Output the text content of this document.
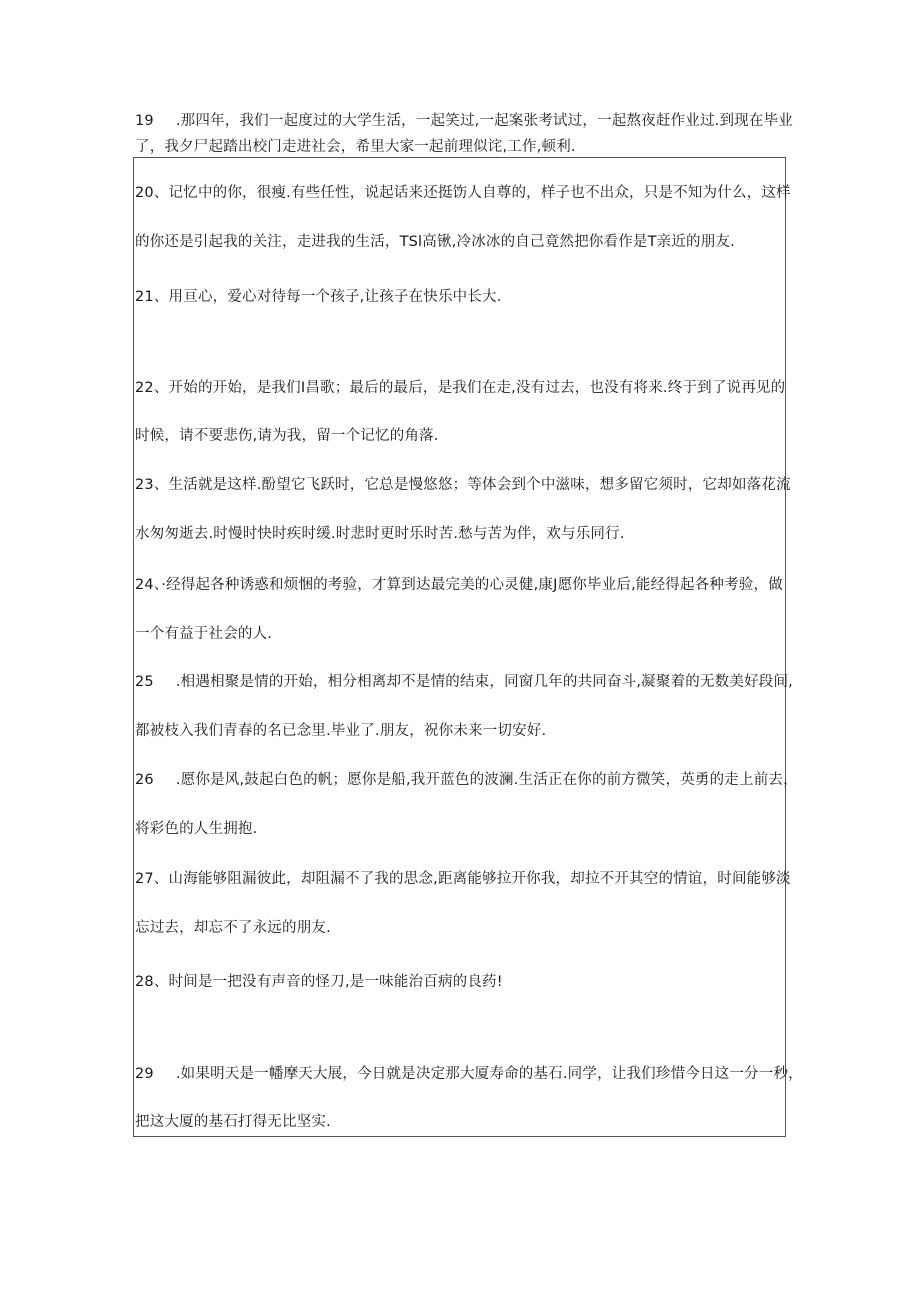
19 .那四年，我们一起度过的大学生活，一起笑过,一起案张考试过，一起熬夜赶作业过.到现在毕业
了，我夕尸起踏出校门走进社会，希里大家一起前理似诧,工作,顿利.
20、记忆中的你，很瘦.有些任性，说起话来还挺饬人自尊的，样子也不出众，只是不知为什么，这样
的你还是引起我的关注，走进我的生活，TSl高锹,冷冰冰的自己竟然把你看作是T亲近的朋友.
21、用亘心，爱心对待每一个孩子,让孩子在快乐中长大.
22、开始的开始，是我们I昌歌；最后的最后，是我们在走,没有过去，也没有将来.终于到了说再见的
时候，请不要悲伤,请为我，留一个记忆的角落.
23、生活就是这样.酚望它飞跃时，它总是慢悠悠；等体会到个中滋味，想多留它须时，它却如落花流
水匆匆逝去.时慢时快时疾时缓.时悲时更时乐时苦.愁与苦为伴，欢与乐同行.
24、·经得起各种诱惑和烦悃的考验，才算到达最完美的心灵健,康J愿你毕业后,能经得起各种考验，做
一个有益于社会的人.
25 .相遇相聚是情的开始，相分相离却不是情的结束，同窗几年的共同奋斗,凝聚着的无数美好段间,
都被枝入我们青春的名已念里.毕业了.朋友，祝你未来一切安好.
26 .愿你是风,鼓起白色的帆；愿你是船,我开蓝色的波澜.生活正在你的前方微笑，英勇的走上前去，
将彩色的人生拥抱.
27、山海能够阻漏彼此，却阻漏不了我的思念,距离能够拉开你我，却拉不开其空的情谊，时间能够淡
忘过去，却忘不了永远的朋友.
28、时间是一把没有声音的怪刀,是一味能治百病的良药!
29 .如果明天是一幡摩天大展，今日就是决定那大厦寿命的基石.同学，让我们珍惜今日这一分一秒，
把这大厦的基石打得无比坚实.
